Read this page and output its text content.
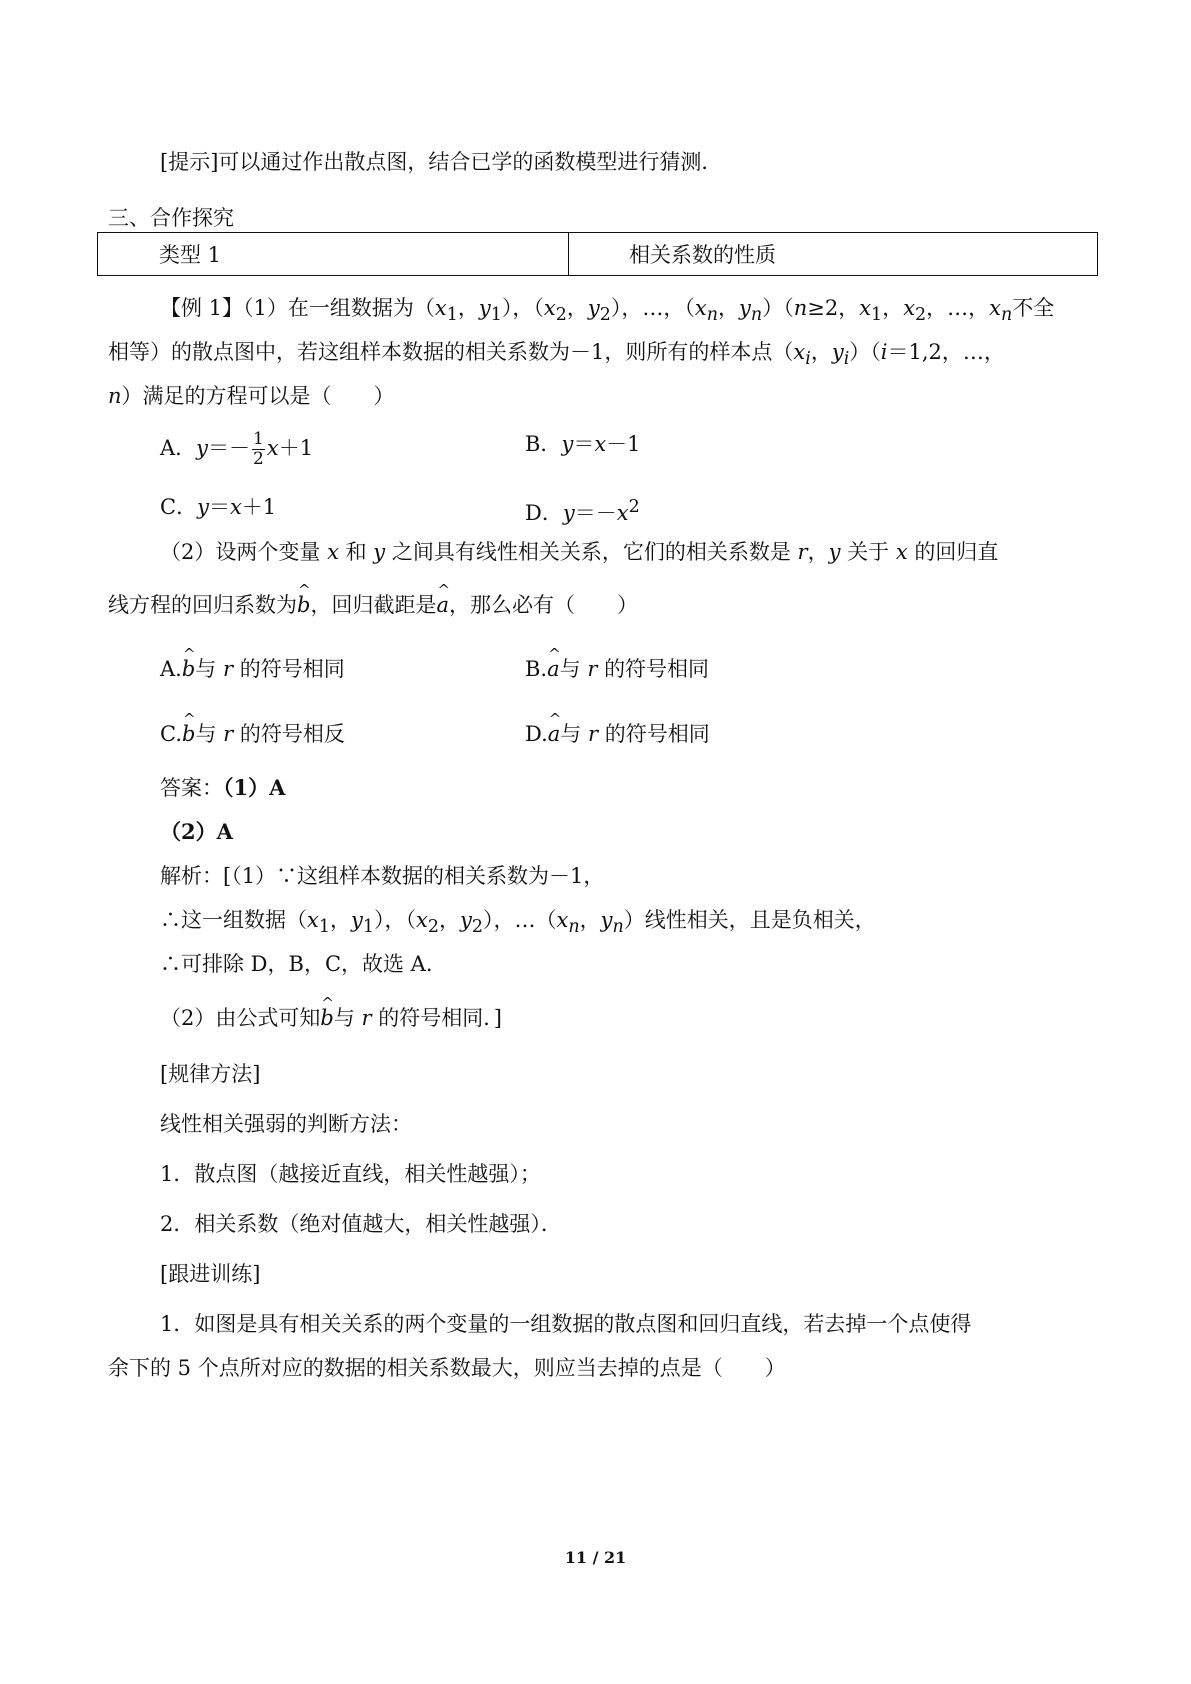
[提示]可以通过作出散点图，结合已学的函数模型进行猜测．
三、合作探究
类型 1	相关系数的性质
【例 1】（1）在一组数据为（$x_1$，$y_1$），（$x_2$，$y_2$），…，（$x_n$，$y_n)(n\ge 2$，$x_1$，$x_2$，…，$x_n$不全
相等）的散点图中，若这组样本数据的相关系数为－1，则所有的样本点（$x_i$，$y_i)(i=1,2$，…，
n）满足的方程可以是（　　）
A．$y=- \frac{1}{2} x+1$	B．y＝x－1
C．y＝x＋1	D．$y=-x^2$
（2）设两个变量 x 和 y 之间具有线性相关关系，它们的相关系数是 r，y 关于 x 的回归直
线方程的回归系数为^ b，回归截距是^ a，那么必有（　　）
A.^ b与 r 的符号相同	B.^ a与 r 的符号相同
C.^ b与 r 的符号相反	D.^ a与 r 的符号相同
答案：（1）A
（2）A
解析：[（1）∵这组样本数据的相关系数为－1，
∴这一组数据（$x_1$，$y_1$），（$x_2$，$y_2$），$\dots(x_n$，$y_n$）线性相关，且是负相关，
∴可排除 D，B，C，故选 A.
（2）由公式可知^ b与 r 的符号相同．]
[规律方法]
线性相关强弱的判断方法：
1．散点图（越接近直线，相关性越强）；
2．相关系数（绝对值越大，相关性越强）．
[跟进训练]
1．如图是具有相关关系的两个变量的一组数据的散点图和回归直线，若去掉一个点使得
余下的 5 个点所对应的数据的相关系数最大，则应当去掉的点是（　　）
11 / 21
